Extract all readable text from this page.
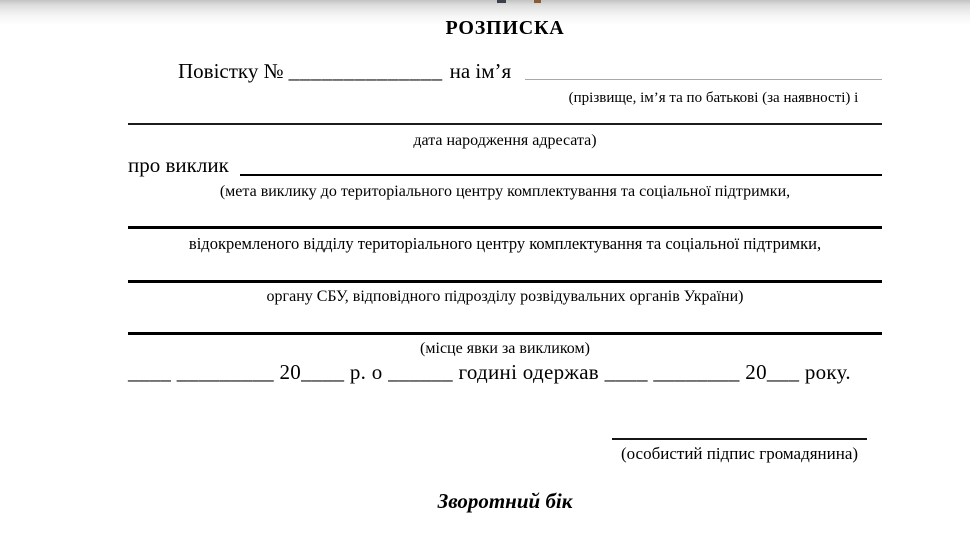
РОЗПИСКА
Повістку № ______________ на ім’я
(прізвище, ім’я та по батькові (за наявності) і
дата народження адресата)
про виклик
(мета виклику до територіального центру комплектування та соціальної підтримки,
відокремленого відділу територіального центру комплектування та соціальної підтримки,
органу СБУ, відповідного підрозділу розвідувальних органів України)
(місце явки за викликом)
____ _________ 20____ р. о ______ годині одержав ____ ________ 20___ року.
(особистий підпис громадянина)
Зворотний бік
